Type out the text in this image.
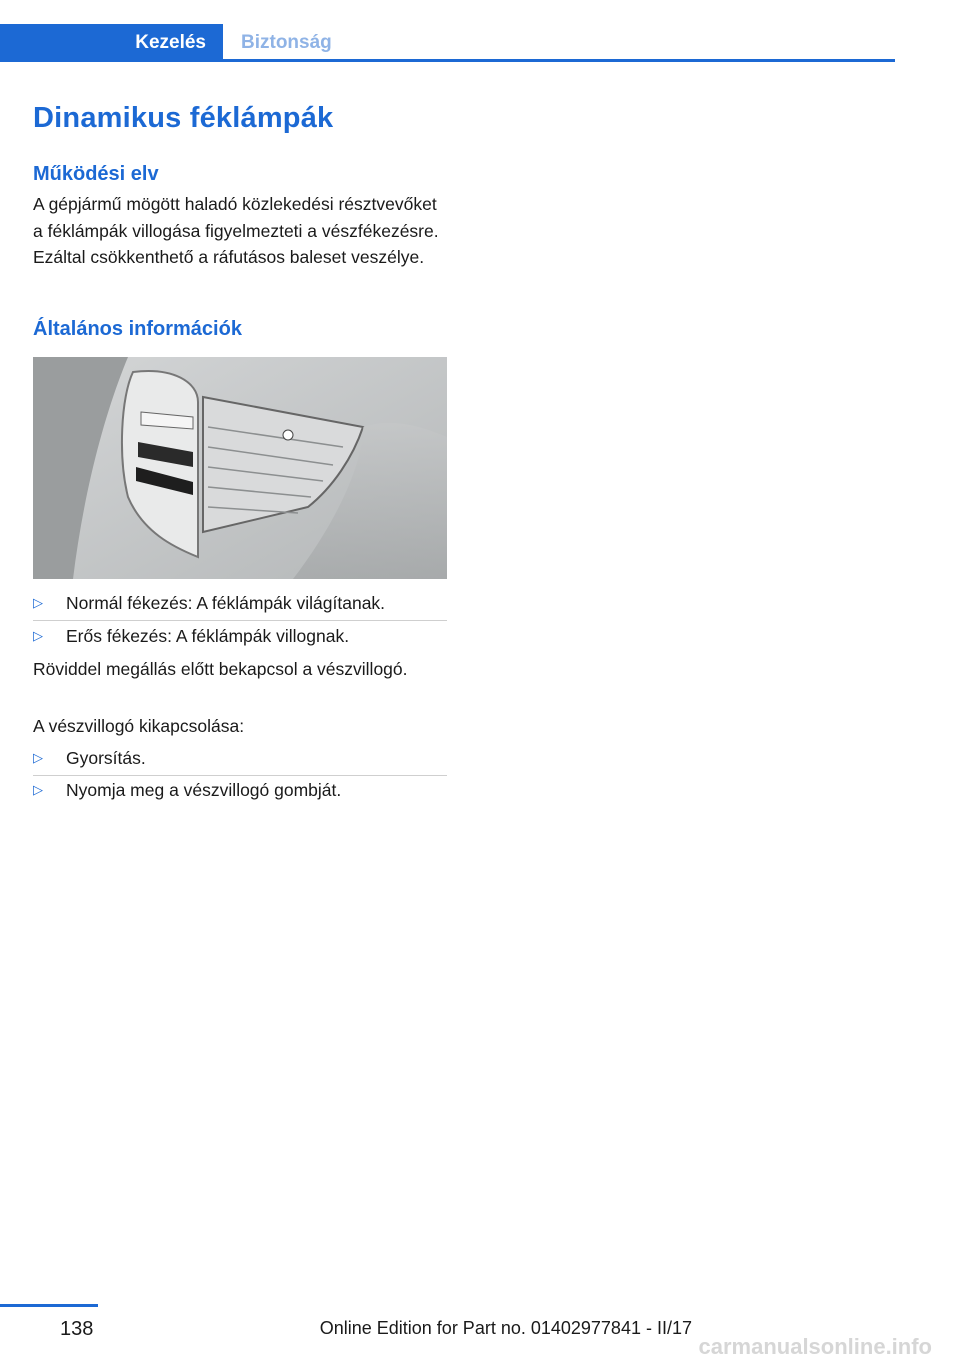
Kezelés	Biztonság
Dinamikus féklámpák
Működési elv

A gépjármű mögött haladó közlekedési résztvevőket a féklámpák villogása figyelmezteti a vészfékezésre. Ezáltal csökkenthető a ráfutásos baleset veszélye.

Általános információk
▷	Normál fékezés: A féklámpák világítanak.
▷	Erős fékezés: A féklámpák villognak.

Röviddel megállás előtt bekapcsol a vészvillogó.

A vészvillogó kikapcsolása:

▷	Gyorsítás.
▷	Nyomja meg a vészvillogó gombját.
138	Online Edition for Part no. 01402977841 - II/17
carmanualsonline.info
